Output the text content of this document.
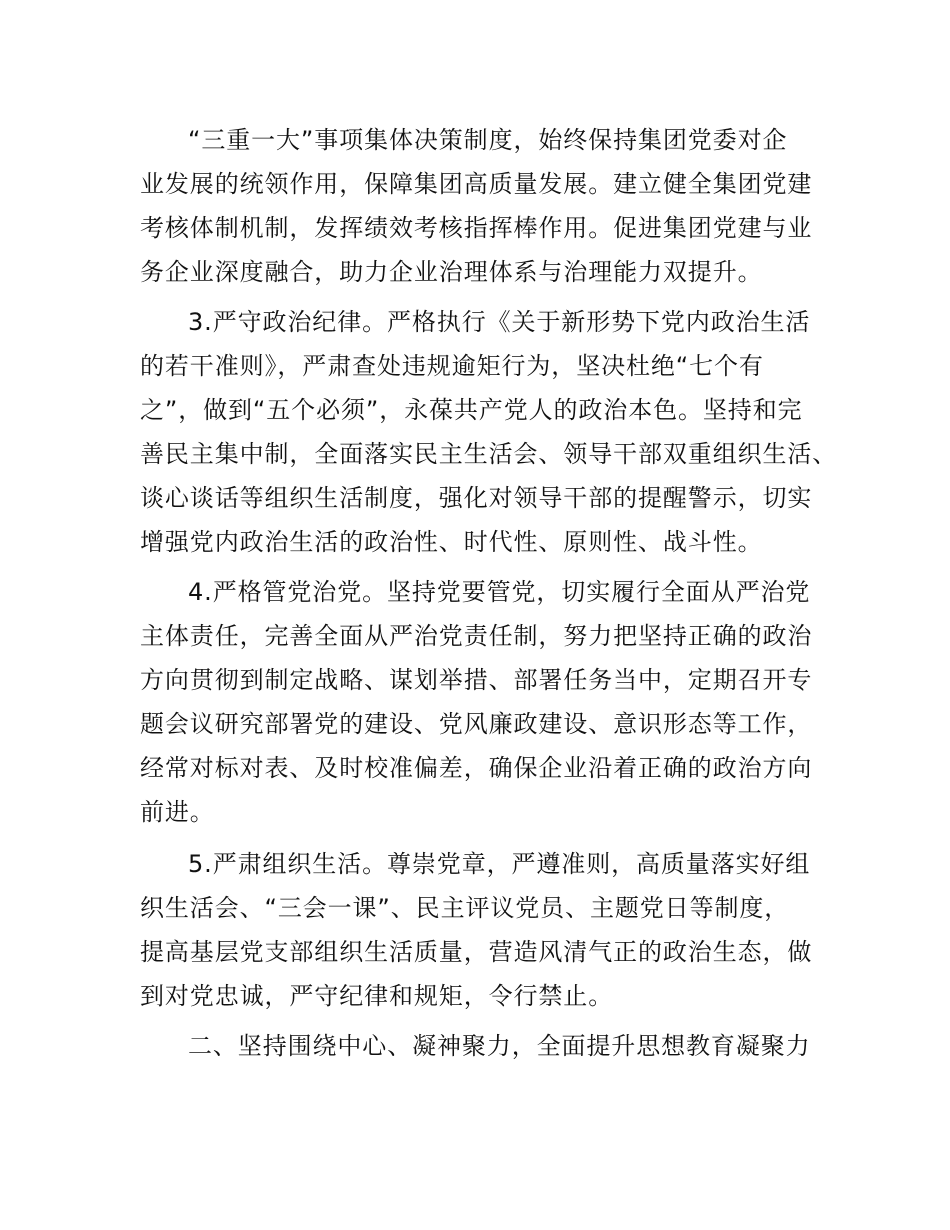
“三重一大”事项集体决策制度，始终保持集团党委对企
业发展的统领作用，保障集团高质量发展。建立健全集团党建
考核体制机制，发挥绩效考核指挥棒作用。促进集团党建与业
务企业深度融合，助力企业治理体系与治理能力双提升。
3.严守政治纪律。严格执行《关于新形势下党内政治生活
的若干准则》，严肃查处违规逾矩行为，坚决杜绝“七个有
之”，做到“五个必须”，永葆共产党人的政治本色。坚持和完
善民主集中制，全面落实民主生活会、领导干部双重组织生活、
谈心谈话等组织生活制度，强化对领导干部的提醒警示，切实
增强党内政治生活的政治性、时代性、原则性、战斗性。
4.严格管党治党。坚持党要管党，切实履行全面从严治党
主体责任，完善全面从严治党责任制，努力把坚持正确的政治
方向贯彻到制定战略、谋划举措、部署任务当中，定期召开专
题会议研究部署党的建设、党风廉政建设、意识形态等工作，
经常对标对表、及时校准偏差，确保企业沿着正确的政治方向
前进。
5.严肃组织生活。尊崇党章，严遵准则，高质量落实好组
织生活会、“三会一课”、民主评议党员、主题党日等制度，
提高基层党支部组织生活质量，营造风清气正的政治生态，做
到对党忠诚，严守纪律和规矩，令行禁止。
二、坚持围绕中心、凝神聚力，全面提升思想教育凝聚力
